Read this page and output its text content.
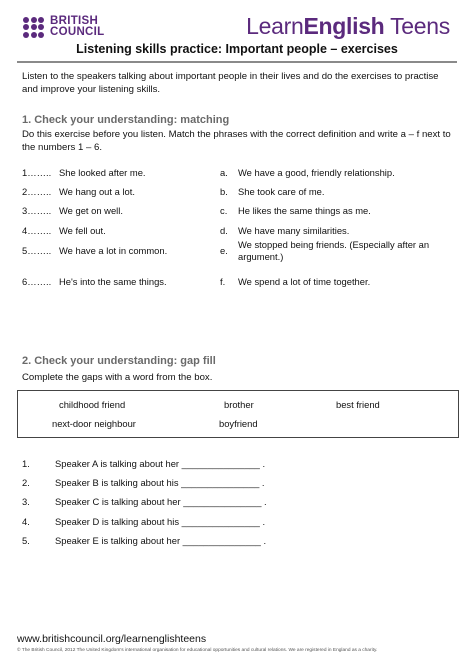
BRITISH
COUNCIL	LearnEnglish Teens
Listening skills practice: Important people – exercises
Listen to the speakers talking about important people in their lives and do the exercises to practise and improve your listening skills.
1. Check your understanding: matching
Do this exercise before you listen. Match the phrases with the correct definition and write a – f next to the numbers 1 – 6.
1…….. She looked after me.	a. We have a good, friendly relationship.
2…….. We hang out a lot.	b. She took care of me.
3…….. We get on well.	c. He likes the same things as me.
4…….. We fell out.	d. We have many similarities.
5…….. We have a lot in common.	e.
We stopped being friends. (Especially after an argument.)
6…….. He's into the same things.	f. We spend a lot of time together.
2. Check your understanding: gap fill
Complete the gaps with a word from the box.
childhood friend	brother	best friend
next-door neighbour	boyfriend
1.	Speaker A is talking about her _______________ .
2.	Speaker B is talking about his _______________ .
3.	Speaker C is talking about her _______________ .
4.	Speaker D is talking about his _______________ .
5.	Speaker E is talking about her _______________ .
www.britishcouncil.org/learnenglishteens
© The British Council, 2012 The United Kingdom's international organisation for educational opportunities and cultural relations. We are registered in England as a charity.
